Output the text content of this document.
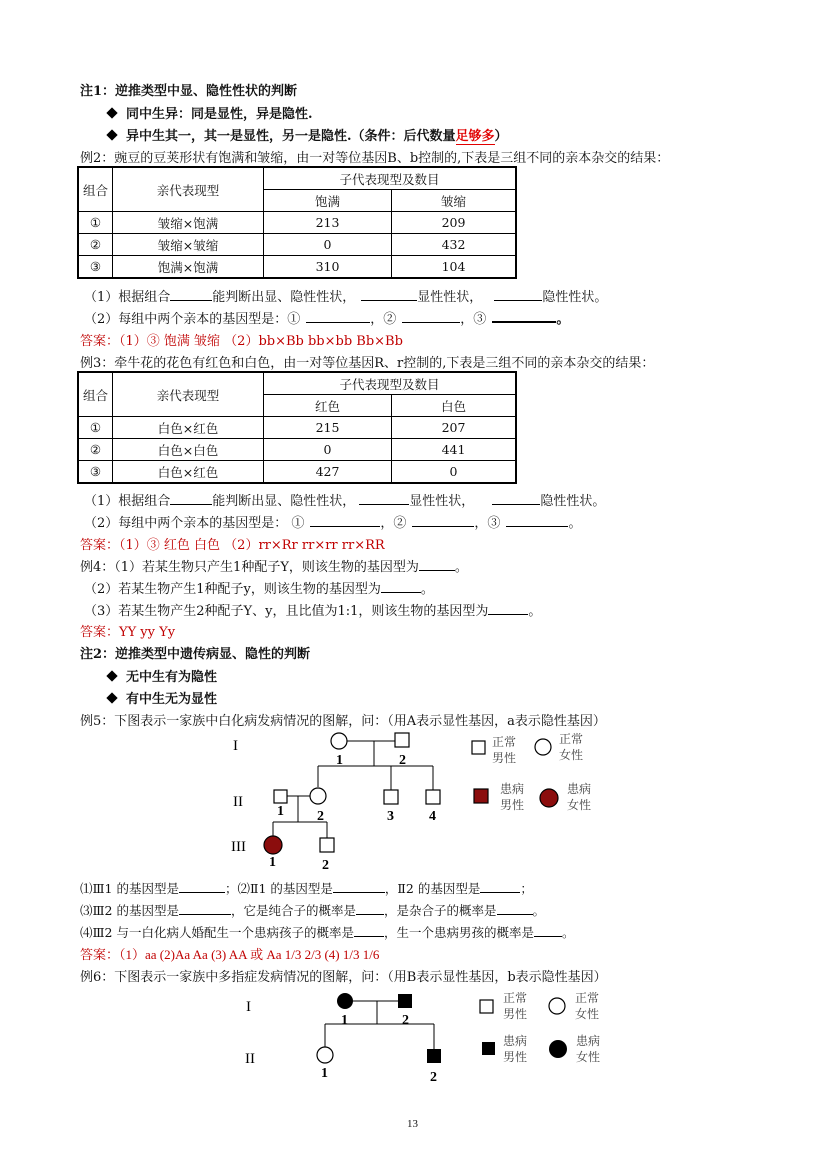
注1：逆推类型中显、隐性性状的判断
同中生异：同是显性，异是隐性.
异中生其一，其一是显性，另一是隐性.（条件：后代数量足够多）
例2：豌豆的豆荚形状有饱满和皱缩，由一对等位基因B、b控制的,下表是三组不同的亲本杂交的结果：
组合	亲代表现型	子代表现型及数目	
		饱满	皱缩
①	皱缩×饱满	213	209
②	皱缩×皱缩	0	432
③	饱满×饱满	310	104
（1）根据组合	能判断出显、隐性性状，	显性性状，	隐性性状。
（2）每组中两个亲本的基因型是：①	，②	，③	。
答案：（1）③ 饱满 皱缩 （2）bb×Bb bb×bb Bb×Bb
例3：牵牛花的花色有红色和白色，由一对等位基因R、r控制的,下表是三组不同的亲本杂交的结果：
组合	亲代表现型	子代表现型及数目	
		红色	白色
①	白色×红色	215	207
②	白色×白色	0	441
③	白色×红色	427	0
（1）根据组合	能判断出显、隐性性状，	显性性状，	隐性性状。
（2）每组中两个亲本的基因型是： ①	，②	，③	。
答案：（1）③ 红色 白色 （2）rr×Rr rr×rr rr×RR
例4：（1）若某生物只产生1种配子Y，则该生物的基因型为	。
（2）若某生物产生1种配子y，则该生物的基因型为	。
（3）若某生物产生2种配子Y、y，且比值为1:1，则该生物的基因型为	。
答案：YY yy Yy
注2：逆推类型中遗传病显、隐性的判断
无中生有为隐性
有中生无为显性
例5：下图表示一家族中白化病发病情况的图解，问：（用A表示显性基因，a表示隐性基因）
I
II
III
1	2
1 2	3	4
1	2
正常
男性
正常
女性
患病
男性
患病
女性
I
II
1	2
1	2
正常
男性
正常
女性
患病
男性
患病
女性
⑴Ⅲ1 的基因型是	；⑵Ⅱ1 的基因型是	，Ⅱ2 的基因型是	；
⑶Ⅲ2 的基因型是	，它是纯合子的概率是 ，是杂合子的概率是	。
⑷Ⅲ2 与一白化病人婚配生一个患病孩子的概率是 ，生一个患病男孩的概率是 。
答案：（1）aa (2)Aa Aa (3) AA 或 Aa 1/3 2/3 (4) 1/3 1/6
例6：下图表示一家族中多指症发病情况的图解，问：（用B表示显性基因，b表示隐性基因）
13
